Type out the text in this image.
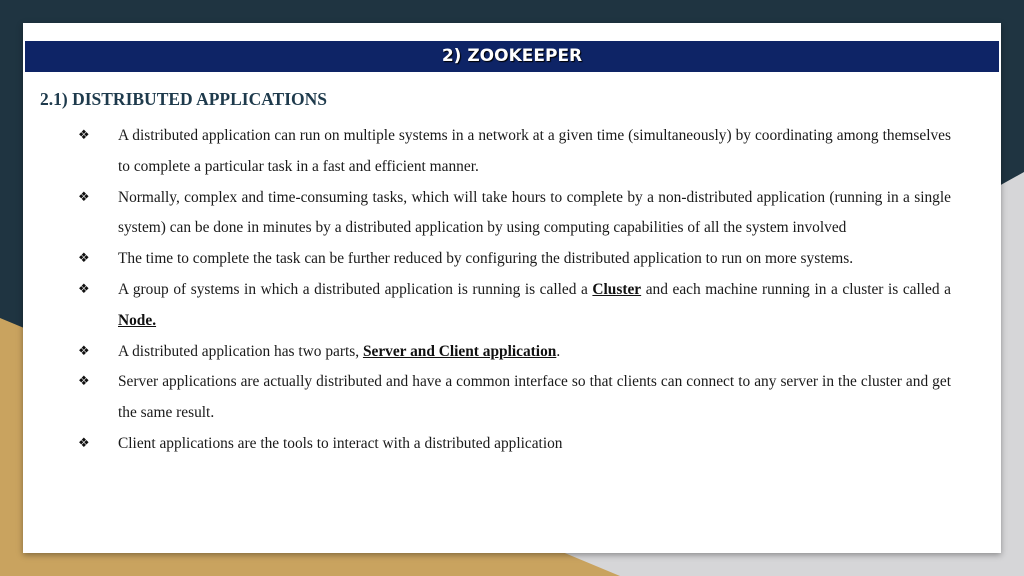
2) ZOOKEEPER
2.1) DISTRIBUTED APPLICATIONS
❖ A distributed application can run on multiple systems in a network at a given time (simultaneously) by coordinating among themselves to complete a particular task in a fast and efficient manner.
❖ Normally, complex and time-consuming tasks, which will take hours to complete by a non-distributed application (running in a single system) can be done in minutes by a distributed application by using computing capabilities of all the system involved
❖ The time to complete the task can be further reduced by configuring the distributed application to run on more systems.
❖ A group of systems in which a distributed application is running is called a Cluster and each machine running in a cluster is called a Node.
❖ A distributed application has two parts, Server and Client application.
❖ Server applications are actually distributed and have a common interface so that clients can connect to any server in the cluster and get the same result.
❖ Client applications are the tools to interact with a distributed application
